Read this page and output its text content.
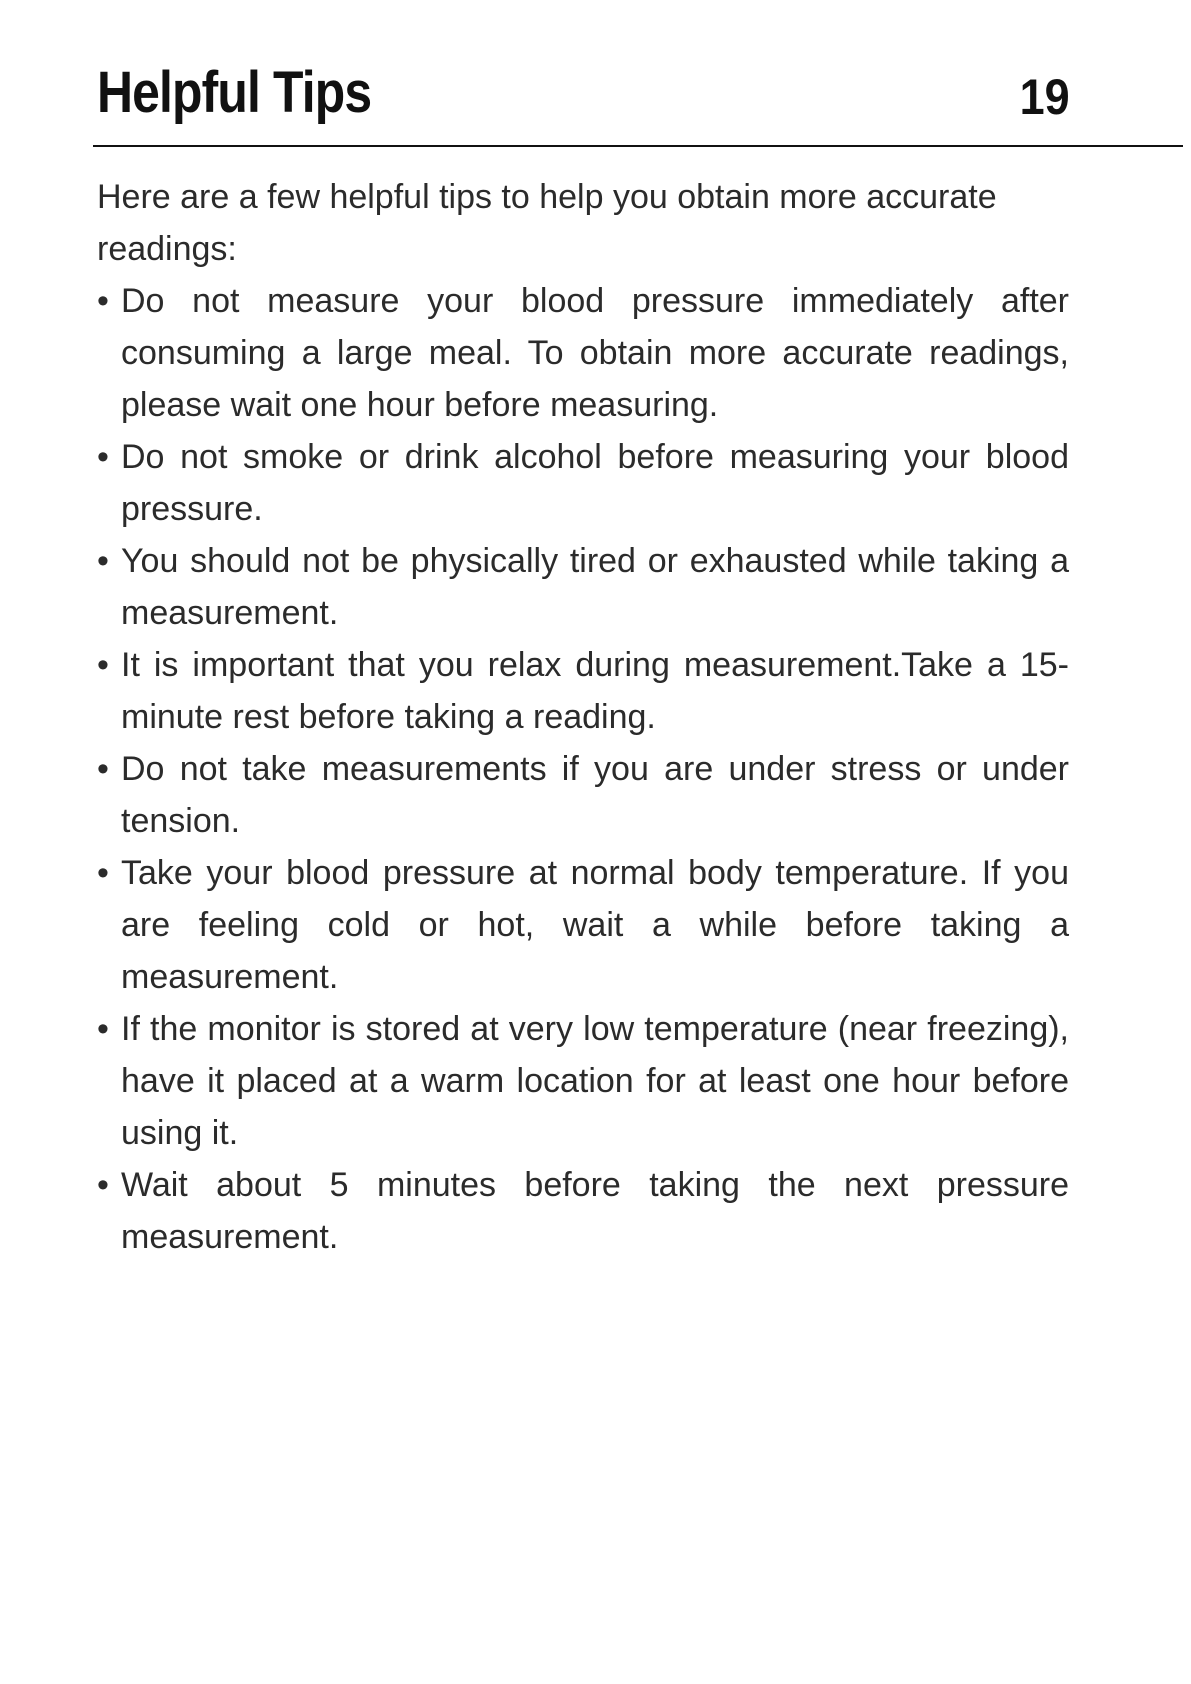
Helpful Tips	19

Here are a few helpful tips to help you obtain more accurate readings:

• Do not measure your blood pressure immediately after consuming a large meal. To obtain more accurate readings, please wait one hour before measuring.
• Do not smoke or drink alcohol before measuring your blood pressure.
• You should not be physically tired or exhausted while taking a measurement.
• It is important that you relax during measurement.Take a 15-minute rest before taking a reading.
• Do not take measurements if you are under stress or under tension.
• Take your blood pressure at normal body temperature. If you are feeling cold or hot, wait a while before taking a measurement.
• If the monitor is stored at very low temperature (near freezing), have it placed at a warm location for at least one hour before using it.
• Wait about 5 minutes before taking the next pressure measurement.
